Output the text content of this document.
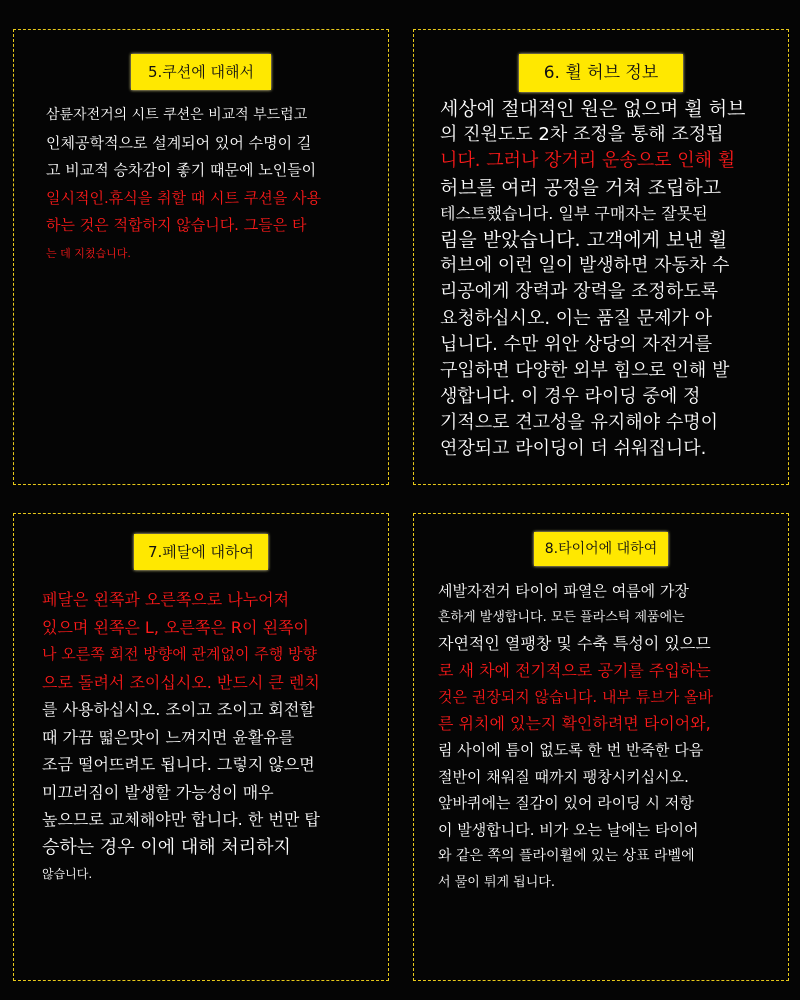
5.쿠션에 대해서
삼륜자전거의 시트 쿠션은 비교적 부드럽고
인체공학적으로 설계되어 있어 수명이 길
고 비교적 승차감이 좋기 때문에 노인들이
일시적인.휴식을 취할 때 시트 쿠션을 사용
하는 것은 적합하지 않습니다. 그들은 타
는 데 지쳤습니다.
6. 휠 허브 정보
세상에 절대적인 원은 없으며 휠 허브
의 진원도도 2차 조정을 통해 조정됩
니다. 그러나 장거리 운송으로 인해 휠
허브를 여러 공정을 거쳐 조립하고
테스트했습니다. 일부 구매자는 잘못된
림을 받았습니다. 고객에게 보낸 휠
허브에 이런 일이 발생하면 자동차 수
리공에게 장력과 장력을 조정하도록
요청하십시오. 이는 품질 문제가 아
닙니다. 수만 위안 상당의 자전거를
구입하면 다양한 외부 힘으로 인해 발
생합니다. 이 경우 라이딩 중에 정
기적으로 견고성을 유지해야 수명이
연장되고 라이딩이 더 쉬워집니다.
7.페달에 대하여
페달은 왼쪽과 오른쪽으로 나누어져
있으며 왼쪽은 L, 오른쪽은 R이 왼쪽이
나 오른쪽 회전 방향에 관계없이 주행 방향
으로 돌려서 조이십시오. 반드시 큰 렌치
를 사용하십시오. 조이고 조이고 회전할
때 가끔 떫은맛이 느껴지면 윤활유를
조금 떨어뜨려도 됩니다. 그렇지 않으면
미끄러짐이 발생할 가능성이 매우
높으므로 교체해야만 합니다. 한 번만 탑
승하는 경우 이에 대해 처리하지
않습니다.
8.타이어에 대하여
세발자전거 타이어 파열은 여름에 가장
흔하게 발생합니다. 모든 플라스틱 제품에는
자연적인 열팽창 및 수축 특성이 있으므
로 새 차에 전기적으로 공기를 주입하는
것은 권장되지 않습니다. 내부 튜브가 올바
른 위치에 있는지 확인하려면 타이어와,
림 사이에 틈이 없도록 한 번 반죽한 다음
절반이 채워질 때까지 팽창시키십시오.
앞바퀴에는 질감이 있어 라이딩 시 저항
이 발생합니다. 비가 오는 날에는 타이어
와 같은 쪽의 플라이휠에 있는 상표 라벨에
서 물이 튀게 됩니다.
